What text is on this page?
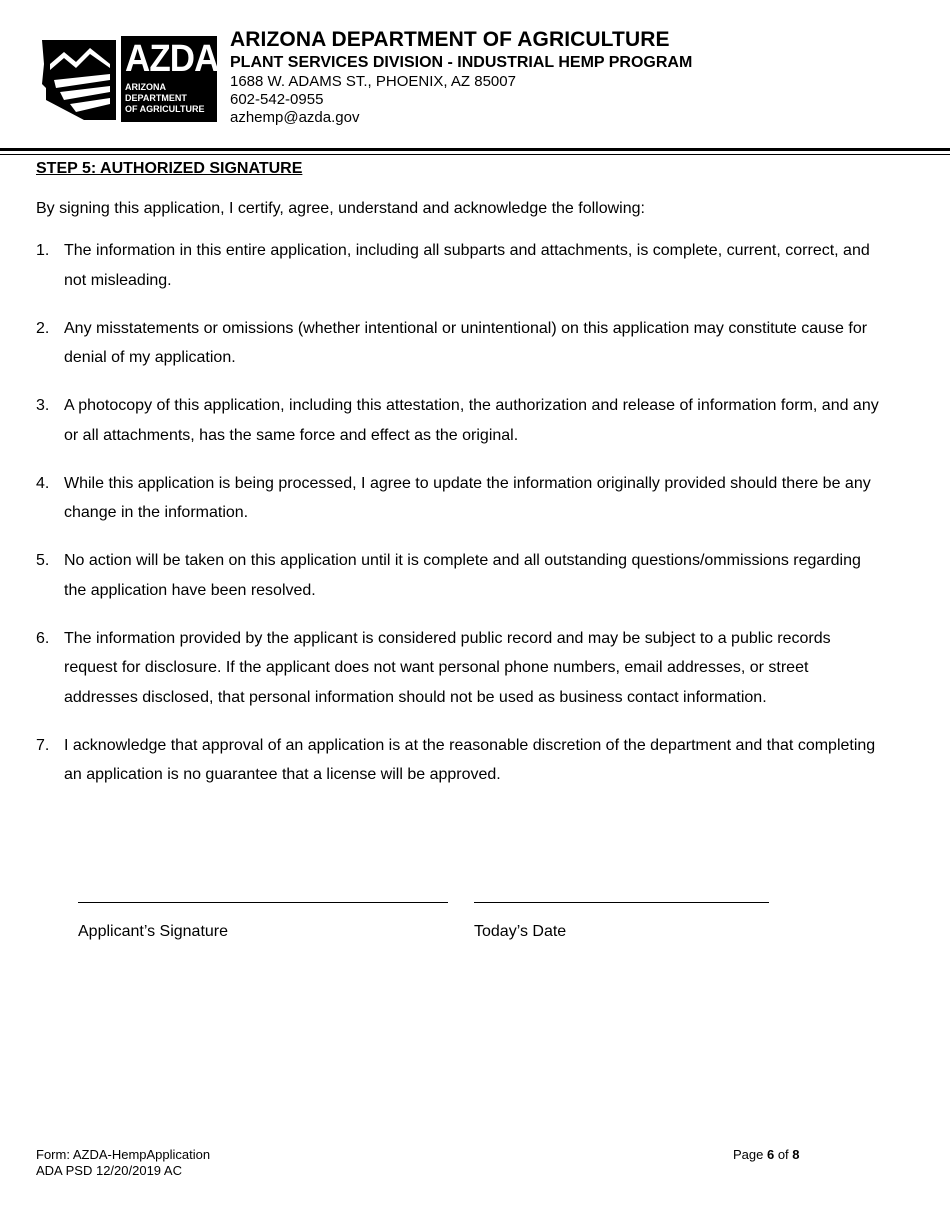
AZDA
ARIZONA
DEPARTMENT
OF AGRICULTURE
ARIZONA DEPARTMENT OF AGRICULTURE
PLANT SERVICES DIVISION - INDUSTRIAL HEMP PROGRAM
1688 W. ADAMS ST., PHOENIX, AZ 85007
602-542-0955
azhemp@azda.gov
STEP 5: AUTHORIZED SIGNATURE
By signing this application, I certify, agree, understand and acknowledge the following:
1. The information in this entire application, including all subparts and attachments, is complete, current, correct, and not misleading.
2. Any misstatements or omissions (whether intentional or unintentional) on this application may constitute cause for denial of my application.
3. A photocopy of this application, including this attestation, the authorization and release of information form, and any or all attachments, has the same force and effect as the original.
4. While this application is being processed, I agree to update the information originally provided should there be any change in the information.
5. No action will be taken on this application until it is complete and all outstanding questions/ommissions regarding the application have been resolved.
6. The information provided by the applicant is considered public record and may be subject to a public records request for disclosure. If the applicant does not want personal phone numbers, email addresses, or street addresses disclosed, that personal information should not be used as business contact information.
7. I acknowledge that approval of an application is at the reasonable discretion of the department and that completing an application is no guarantee that a license will be approved.
Applicant’s Signature	Today’s Date
Form: AZDA-HempApplication
ADA PSD 12/20/2019 AC
Page 6 of 8
